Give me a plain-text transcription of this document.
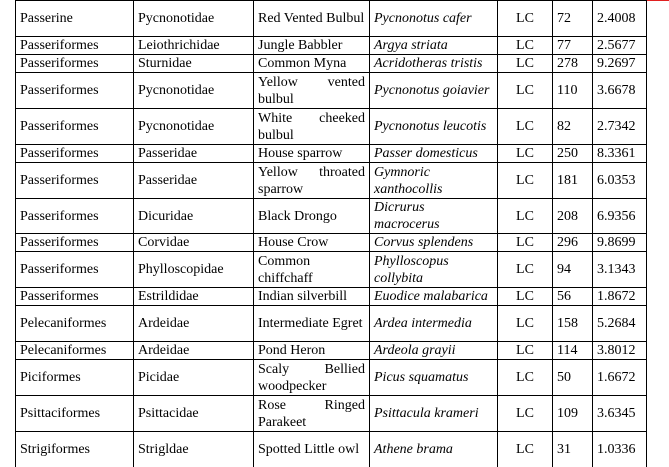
Passerine	Pycnonotidae	Red Vented Bulbul	Pycnonotus cafer	LC	72	2.4008
Passeriformes	Leiothrichidae	Jungle Babbler	Argya striata	LC	77	2.5677
Passeriformes	Sturnidae	Common Myna	Acridotheras tristis	LC	278	9.2697
Passeriformes	Pycnonotidae	Yellow vented bulbul	Pycnonotus goiavier	LC	110	3.6678
Passeriformes	Pycnonotidae	White cheeked bulbul	Pycnonotus leucotis	LC	82	2.7342
Passeriformes	Passeridae	House sparrow	Passer domesticus	LC	250	8.3361
Passeriformes	Passeridae	Yellow throated sparrow	Gymnoric xanthocollis	LC	181	6.0353
Passeriformes	Dicuridae	Black Drongo	Dicrurus macrocerus	LC	208	6.9356
Passeriformes	Corvidae	House Crow	Corvus splendens	LC	296	9.8699
Passeriformes	Phylloscopidae	Common chiffchaff	Phylloscopus collybita	LC	94	3.1343
Passeriformes	Estrildidae	Indian silverbill	Euodice malabarica	LC	56	1.8672
Pelecaniformes	Ardeidae	Intermediate Egret	Ardea intermedia	LC	158	5.2684
Pelecaniformes	Ardeidae	Pond Heron	Ardeola grayii	LC	114	3.8012
Piciformes	Picidae	Scaly Bellied woodpecker	Picus squamatus	LC	50	1.6672
Psittaciformes	Psittacidae	Rose Ringed Parakeet	Psittacula krameri	LC	109	3.6345
Strigiformes	Strigldae	Spotted Little owl	Athene brama	LC	31	1.0336
